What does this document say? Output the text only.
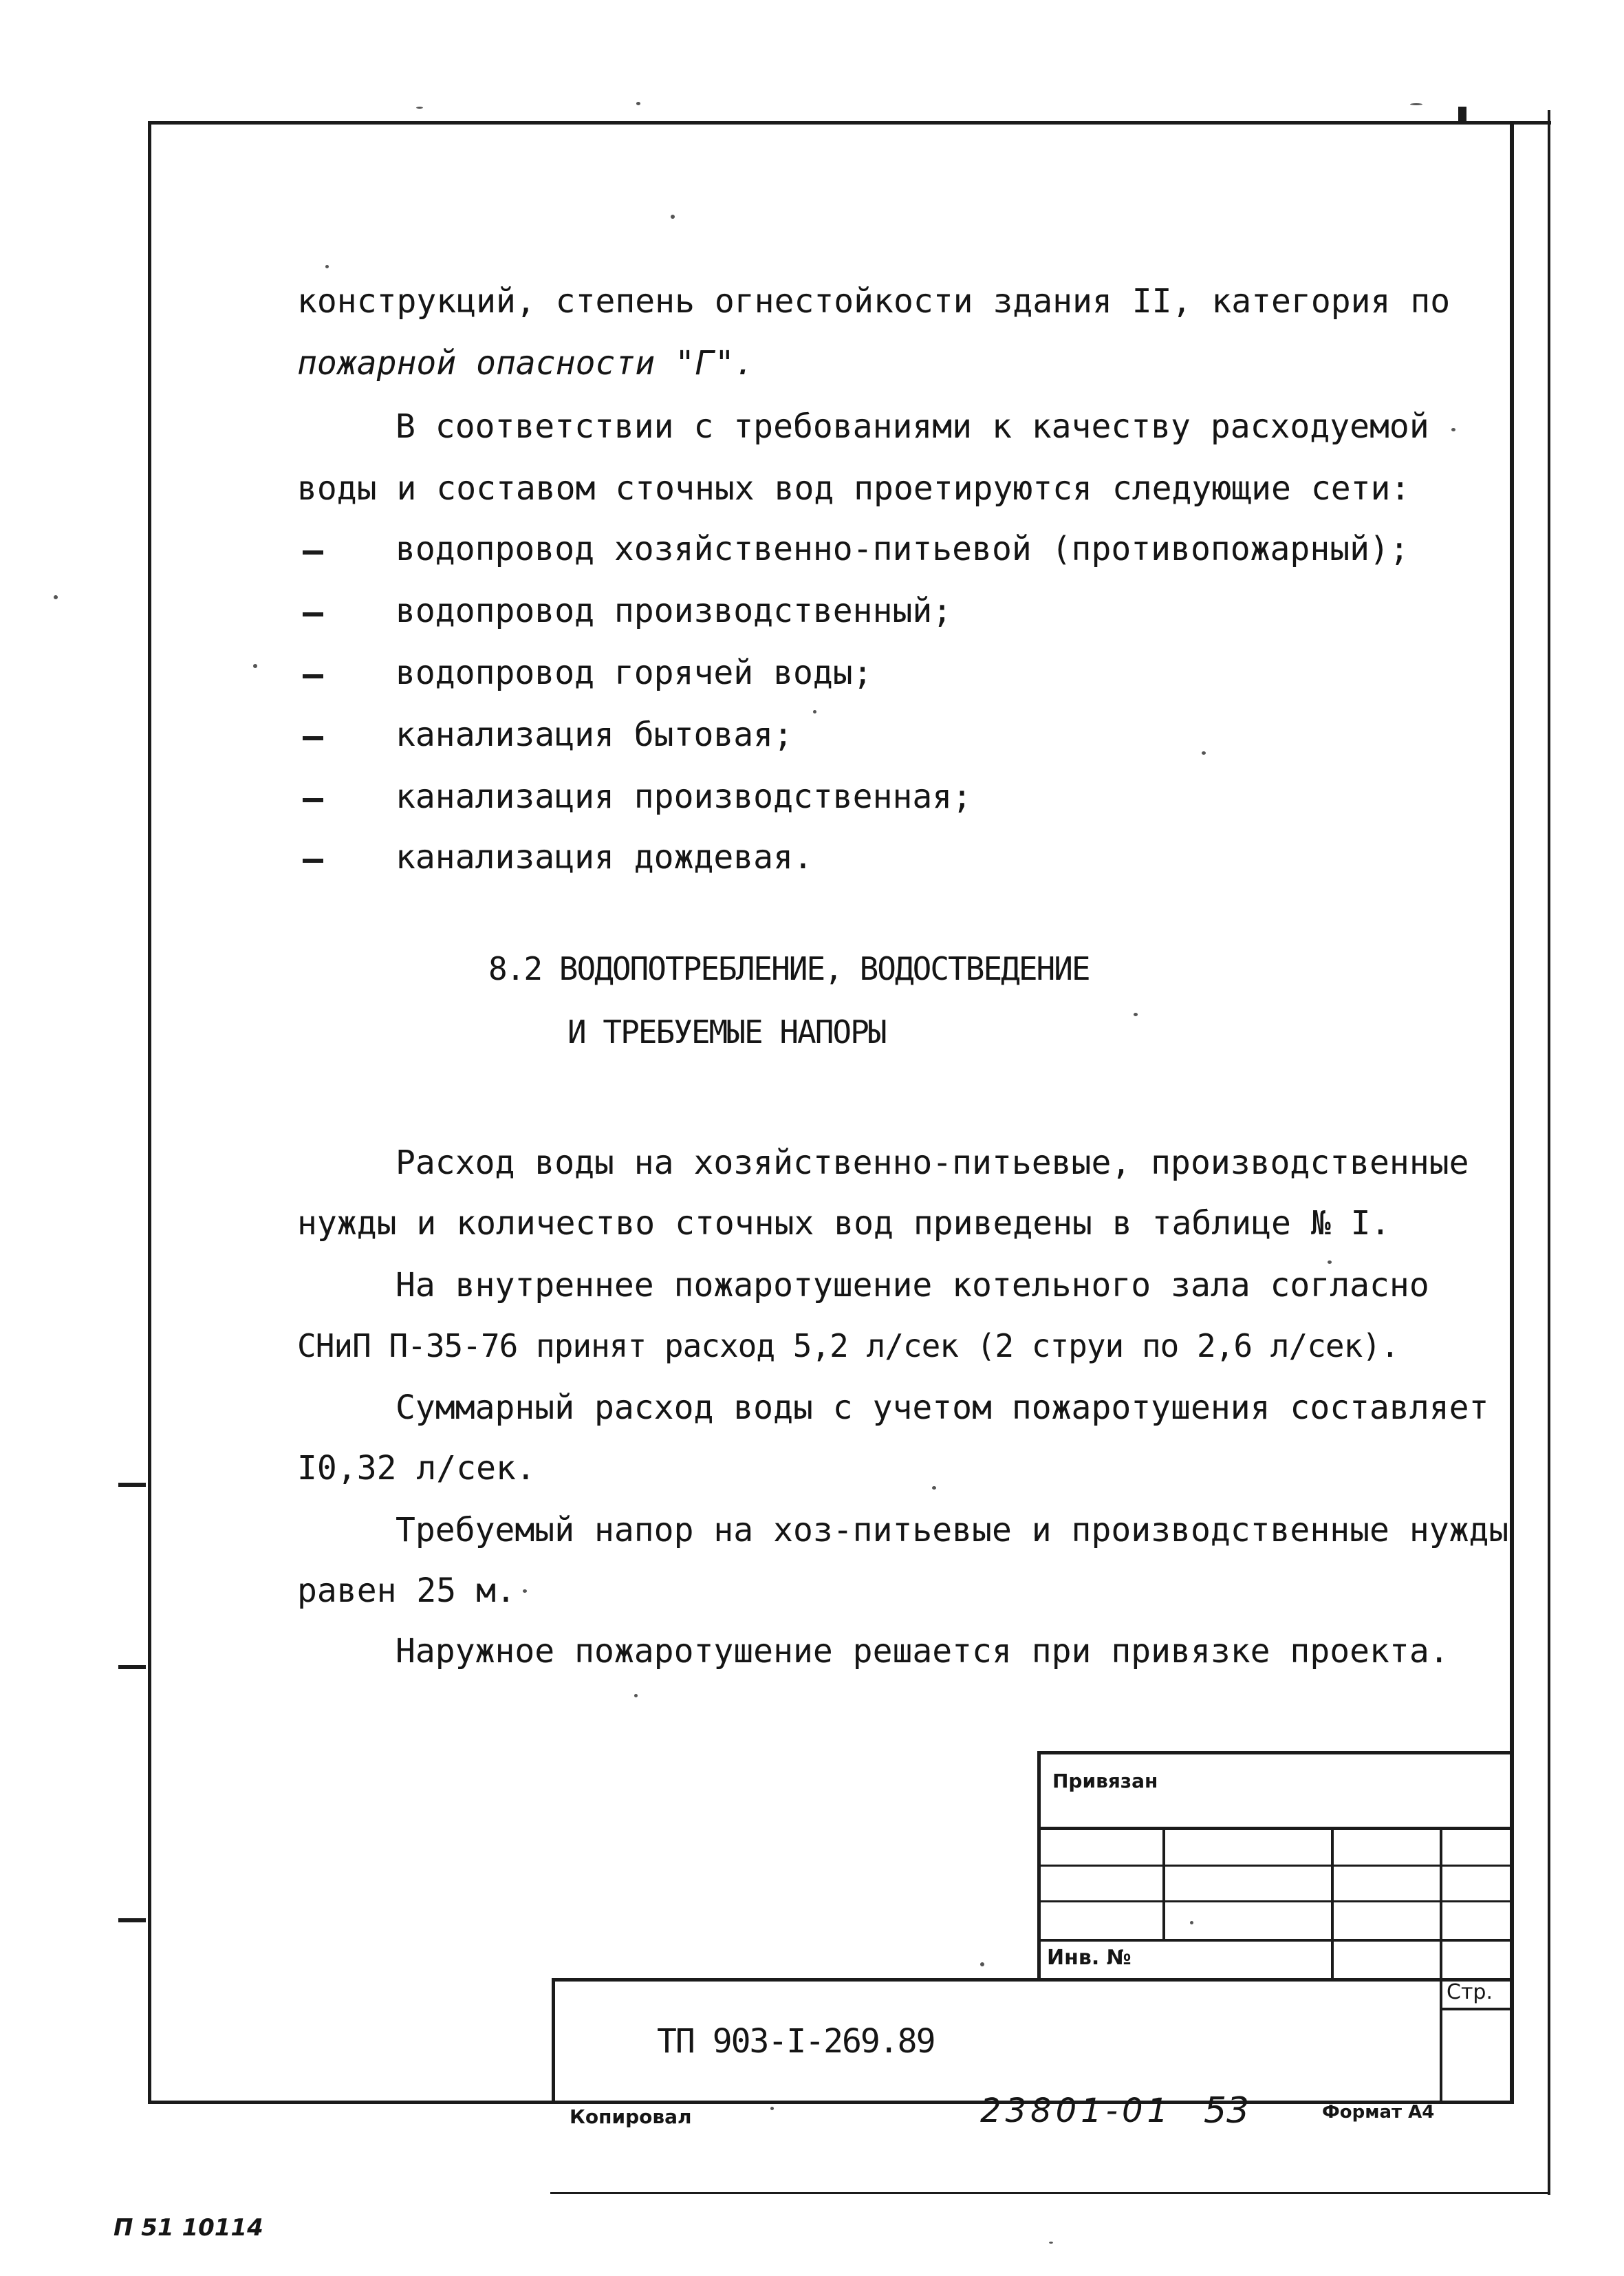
конструкций, степень огнестойкости здания II, категория по
пожарной опасности "Г".
В соответствии с требованиями к качеству расходуемой
воды и составом сточных вод проетируются следующие сети:
водопровод хозяйственно-питьевой (противопожарный);
водопровод производственный;
водопровод горячей воды;
канализация бытовая;
канализация производственная;
канализация дождевая.
8.2 ВОДОПОТРЕБЛЕНИЕ, ВОДОСТВЕДЕНИЕ
И ТРЕБУЕМЫЕ НАПОРЫ
Расход воды на хозяйственно-питьевые, производственные
нужды и количество сточных вод приведены в таблице № I.
На внутреннее пожаротушение котельного зала согласно
СНиП П-35-76 принят расход 5,2 л/сек (2 струи по 2,6 л/сек).
Суммарный расход воды с учетом пожаротушения составляет
I0,32 л/сек.
Требуемый напор на хоз-питьевые и производственные нужды
равен 25 м.
Наружное пожаротушение решается при привязке проекта.
Привязан
Инв. №
Стр.
ТП 903-I-269.89
Копировал	23801-01 53	Формат А4
П 51 10114
